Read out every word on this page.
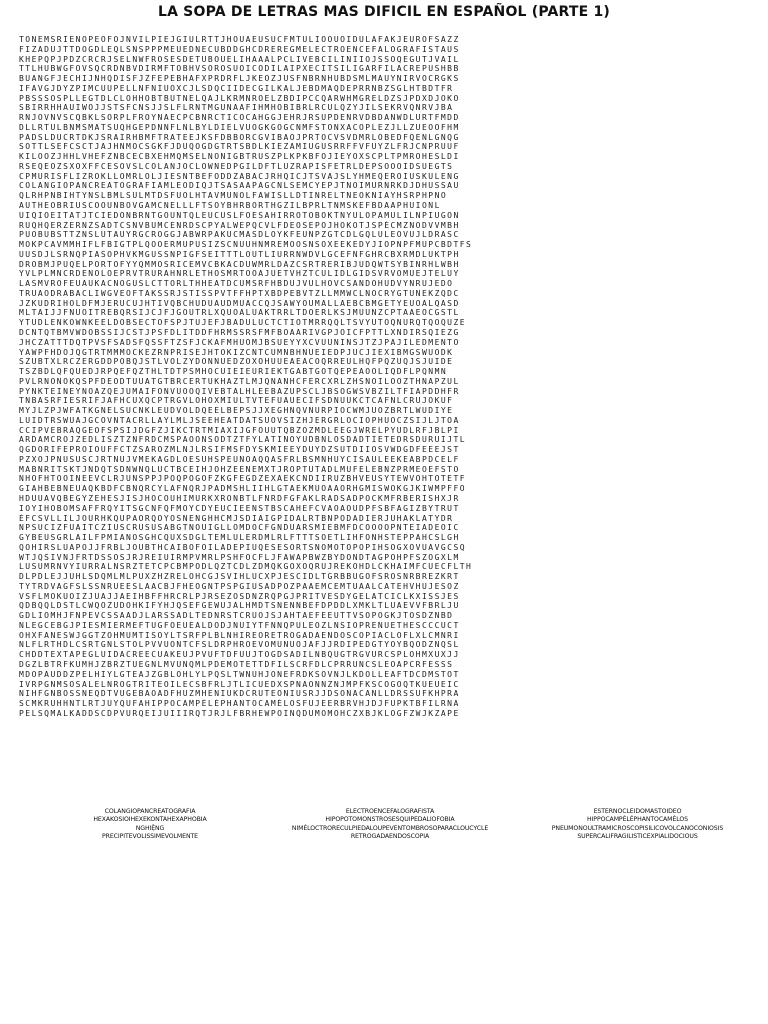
LA SOPA DE LETRAS MAS DIFICIL EN ESPAÑOL (PARTE 1)
TONEMSRIENOPEOFOJNVILPIEJGIULRTTJHOUAEUSUCFMTULIOOUOIDULAFAKJEUROFSAZZ
FIZADUJTTDOGDLEQLSNSPPPMEUEDNECUBDDGHCDREREGMELECTROENCEFALOGRAFISTAUS
KHEPQPJPDZCRCRJSELNWFROSESDETUBOUELIHAAALPCLIVEBCILINIIOJSSOQEGUTJVAIL
TTLHUBWGFOVSQCRDNBVDIRMFTOBHVSOROSUOICODILAIPXECITSILIGARFILACREPUSHBB
BUANGFJECHIJNHQDISFJZFEPEBHAFXPRDRFLJKEOZJUSFNBRNHUBDSMLMAUYNIRVOCRGKS
IFAVGJDYZPIMCUUPELLNFNIUOXCJLSDQCIIDECGILKALJEBDMAQDEPRRNBZSGLHTBDTFR
PBSSSOSPLLEGTDLCLOHHOBTBUTNELQAJLKRMNROELZBDIPCCQARWHMGRELDZSJPDXDJOKO
SBIRRHHAUIWOJJSTSFCNSJJSLFLRNTMGUNAAFIHMHOBIBRLRCULQZYJILSEKRVQNRVJBA
RNJOVNVSCQBKLSORPLFROYNAECPCBNRCTICOCAHGGJEHRJRSUPDENRVDBDANWDLURTFMDD
DLLRTULBNMSMATSUQHGEPDNNFLNLBYLDIELVUOGKGOGCNMFSTONXACOPLEZJLLZUEOOFHM
PADSLDUCRTDKJSRAIRHBMFTRATEEJKSFDBBORCGVIBAOJPRTOCVSVDMRLOBEDFQENLGNQG
SOTTLSEFCSCTJAJHNMOCSGKFJDUQOGDGTRTSBDLKIEZAMIUGUSRRFFVFUYZLFRJCNPRUUF
KILOOZJHHLVHEFZNBCECBXEHMQMSELNONIGBTRUSZPLKPKBFOJIEYOXSCPLTPMROHESLDI
RSEQEOZSXOXFFCESOVSLCOLANJOCLOWNEDPGILDFTLUZRAPISFETRLDEPSOOOIDSUEGTS
CPMURISFLIZROKLLOMRLOLJIESNTBEFODDZABACJRHQICJTSVAJSLYHMEQEROIUSKULENG
COLANGIOPANCREATOGRAFIAMLEODIQJTSASAAPAGCNLSEMCYEPJTNOIMURNRKDJDHUSSAU
QLRHPNBIHTYNSLBMLSULMTDSFUOLHTAVMUNOLFAWISLLDTINRELTNEOKNIAYHSRPHPNO
AUTHEOBRIUSCOOUNBOVGAMCNELLLFTSOYBHRBORTHGZILBPRLTNMSKEFBDAAPHUIONL
UIQIOEITATJTCIEDONBRNTGOUNTQLEUCUSLFOESAHIRROTOBOKTNYULOPAMULILNPIUGON
RUQHQERZERNZSADTCSNVBUMCENRDSCPYALWEPQCVLFDEOSEPOJHOKOTJSPÉCMZNODVVMBH
PUOBUBSTTZNSLUTAUYRGCROGGJABWRPAKUCMASDLOYKFEUNPZGTCDLGQLULEOVUJLDRASC
MOKPCAVMMHIFLFBIGTPLQOOERMUPUSIZSCNUUHNMREMOOSNSOXEEKEDYJIOPNPFMUPCBDTFS
UUSDJLSRNQPIASOPHVKMGUSSNPIGFSEITTTLOUTLIURRNWDVLGCEFNFGHRCBXRMDLUKTPH
DROBMJPUQELPORTOFYYQMMOSRICEMVCBKACDUWMRLDAZCSRTRERIBJUDQWTSYBINRHLWBH
YVLPLMNCRDENOLOEPRVTRURAHNRLETHOSMRTOOAJUETVHZTCULIDLGIDSVRVOMUEJTELUY
LASMVROFEUAUKACNOGUSLCTTORLTHHEATDCUMSRFHBDUJVULHOVCSANDOHUDVYNRUJEDO
TRUAODRABACLIWGVEOFTAKSSRJSTISSPVTFFHPTXBDPEBVTZLLMMWCLNOCRYGTUNEKZQDC
JZKUDRIHOLDFMJERUCUJHTIVQBCHUDUAUDMUACCQJSAWYOUMALLAEBCBMGETYEUOALQASD
MLTAIJJFNUOITREBQRSIJCJFJGOUTRLXQUOALUAKTRRLTDOERLKSJMUUNZCPTAAEOCGSTL
YTUDLENKOWNKEELDOBSECTOFSPJTUJEFJBADULUCTCTIOTMRRQQLTSVYUTOQNURQTQOQUZE
DCNTQTBMVWDOBSSIJCSTJPSFDLITDDFHRMSSRSFMFBOAARIVGPJOICFPTTLXNDIRSQIEZG
JHCZATTTDQTPVSFSADSFQSSFTZSFJCKAFMHUOMJBSUEYYXCVUUNINSJTZJPAJILEDMENTO
YAWPFHDOJQGTRTMMMOCKEZRNPRISEJHTOKIZCNTCUMNBHNUEIEDPJUCJIEXIBMGSWUODK
SZUBTXLRCZERGDDPOBQJSTLVOLZYDONNUEDZOXOHUUEAEACOQRREULHQFPQZUQJSJUIDE
TSZBDLQFQUEDJRPQEFQZTHLTDTPSMHOCUIEIEURIEKTGABTGOTQEPEAOOLIQDFLPQNMN
PVLRNONOKQSPFDEODTUUATGTBRCERTUKHAZTLMJQNANHCFERCXRLZHSNOILOOZTHNAPZUL
PYNKTEINEYNOAZQEJUMAIFONVUOOQIVEBTALHLEEBAZUPSCLJBSOGWSVBZILTFIAPDDHFR
TNBASRFIESRIFJAFHCUXQCPTRGVLOHOXMIULTVTEFUAUECIFSDNUUKCTCAFNLCRUJOKUF
MYJLZPJWFATKGNELSUCNKLEUDVOLDQEELBEPSJJXEGHNQVNURPIOCWMJUOZBRTLWUDIYE
LUIDTRSWUAJGCOVNTACRLLAYLMLJSEEHEATDATSUOVSIZHJERGRLOCIOPHUOCZSIJLJTOA
CCIPVEBRAQGEOFSPSIJDGFZJIKCTRTMIAXIJGFOUUTQBZOZMDLEEGJWRELPYUDLRFJBLPI
ARDAMCROJZEDLISZTZNFRDCMSPAOONSODTZTFYLATINOYUDBNLOSDADTIETEDRSDURUIJTL
QGDORIFEPROIOUFFCTZSAROZMLNJLRSIFMSFDYSKMIEEYDUYDZSUTDIIOSVWDGDFEEEJST
PZXOJPNUSUSCJRTNUJVMEKAGDLOESUHSPEUNOAQQASFRLBSMNHUYCISAULEEKEABPDCELF
MABNRITSKTJNDQTSDNWNQLUCTBCEIHJOHZEENEMXTJROPTUTADLMUFELEBNZPRMEOEFSTO
NHOFHTOOINEEVCLRJUNSPPJPOQPOGOFZKGFEGDZEXAEKCNDIIRUZBHVEUSYTEWVOHTOTETF
GIAHBEBNEUAQKBDFCBNQRCYLAFNQRJPADMSHLIIHLGTAEKMUOAAORHGMISWOKGJKIWMPFFO
HDUUAVQBEGYZEHESJISJHOCOUHIMURKXRONBTLFNRDFGFAKLRADSADPOCKMFRBERISHXJR
IOYIHOBOMSAFFRQYITSGCNFQFMOYCDYEUCIEENSTBSCAHEFCVAOAOUDPFSBFAGIZBYTRUT
ÉFCSVLLILJOURHKQUPAORQOYOSNENGHHCMJSDIAIGPIDALRTBNPODADIERJUHAKLATYDR
NPSUCIZFUAITCZIUSCRUSUSABGTNOUIGLLOMDOCFGNDUARSMIEBMFDCOOOOPNTEIADEOIC
GYBEUSGRLAILFPMIANOSGHCQUXSDGLTEMLULERDMLRLFTTTSOETLIHFONHSTEPPAHCSLGH
QOHIRSLUAPOJJFRBLJOUBTHCAIBOFOILADEPIUQESESORTSNOMOTOPOPIHSOGXOVUAVGCSQ
WTJQSIVNJFRTDSSOSJRJREIUIRMPVMRLPSHFOCFLJFAWAPBWZBYDONDTAGPOHPFSZOGXLM
LUSUMRNVYIURRALNSRZTETCPCBMPODLQZTCDLZDMQKGOXOQRUJREKOHDLCKHAIMFCUECFLTH
DLPDLEJJUHLSDQMLMLPUXZHZRELOHCGJSVIHLUCXPJESCIDLTGRBBUGOFSROSNRBREZKRT
TYTRDVAGFSLSSNRUEESLAACBJFHEOGNTPSPGIUSADPOZPAAEMCEMTUAALCATEHVHUJESOZ
VSFLMOKUOIZJUAJJAEIHBFFHRCRLPJRSEZOSDNZRQPGJPRITVESDYGELATCICLKXISSJES
QDBQQLDSTLCWQOZUDOHKIFYHJQSEFGEWUJALHMDTSNENNBEFDPDDLXMKLTLUAEVVFBRLJU
GDLIOMHJFNPEVCSSAADJLARSSADLTEDNRSTCRUOJSJAHTAEFEEUTTVSOPOGKJTOSDZNBD
NLEGCEBGJPIESMIERMEFTUGFOEUEALDODJNUIYTFNNQPULEOZLNSIOPRENUETHESCCCUCT
OHXFANESWJGGTZOHMUMTISOYLTSRFPLBLNHIREORETROGADAENDOSCOPIACLOFLXLCMNRI
NLFLRTHDLCSRTGNLSTOLPVVUONTCFSLDRPHROEVOMUNUOJAFJJRDIPEDGTYOYBQODZNQSL
CHDDTEXTAPEGLUIDACREECUAKEUJPVUFTDFUUJTOGDSADILNBQUGTRGVURCSPLOHMXUXJJ
DGZLBTRFKUMHJZBRZTUEGNLMVUNQMLPDEMOTETTDFILSCRFDLCPRRUNCSLEOAPCRFESSS
MDOPAUDDZPELHIYLGTEAJZGBLOHLYLPQSLTWNUHJONEFRDKSOVNJLKDOLLEAFTDCDMSTOT
IVRPGNMSOSALELNROGTRITEOILECSBFRLJTLICUEDXSPNAONNZNJMPFKSCOGOQTKUEUEIC
NIHFGNBOSSNEQDTVUGEBAOADFHUZMHENIUKDCRUTEONIUSRJJDSONACANLLDRSSUFKHPRA
SCMKRUHHNTLRTJUYQUFAHIPPOCAMPÉLÉPHANTOCAMÉLOSFUJEERBRVHJDJFUPKTBFILRNA
PELSQMALKADDSCDPVURQEIJUIIIRQTJRJLFBRHEWPOINQDUMOMOHCZXBJKLOGFZWJKZAPE
COLANGIOPANCREATOGRAFIA
HEXAKOSIOIHEXEKONTAHEXAPHOBIA
NGHIỆNG
PRECIPITEVOLISSIMEVOLMENTE
ELECTROENCEFALOGRAFISTA
HIPOPOTOMONSTROSESQUIPEDALIOFOBIA
NIMÉLOCTRORECULPIEDALOUPEVENTOMBROSOPARACLOUCYCLE
RETROGADAENDOSCOPIA
ESTERNOCLEIDOMASTOIDEO
HIPPOCAMPÉLÉPHANTOCAMÉLOS
PNEUMONOULTRAMICROSCOPISILICOVOLCANOCONIOSIS
SUPERCALIFRAGILISTICEXPIALIDOCIOUS
